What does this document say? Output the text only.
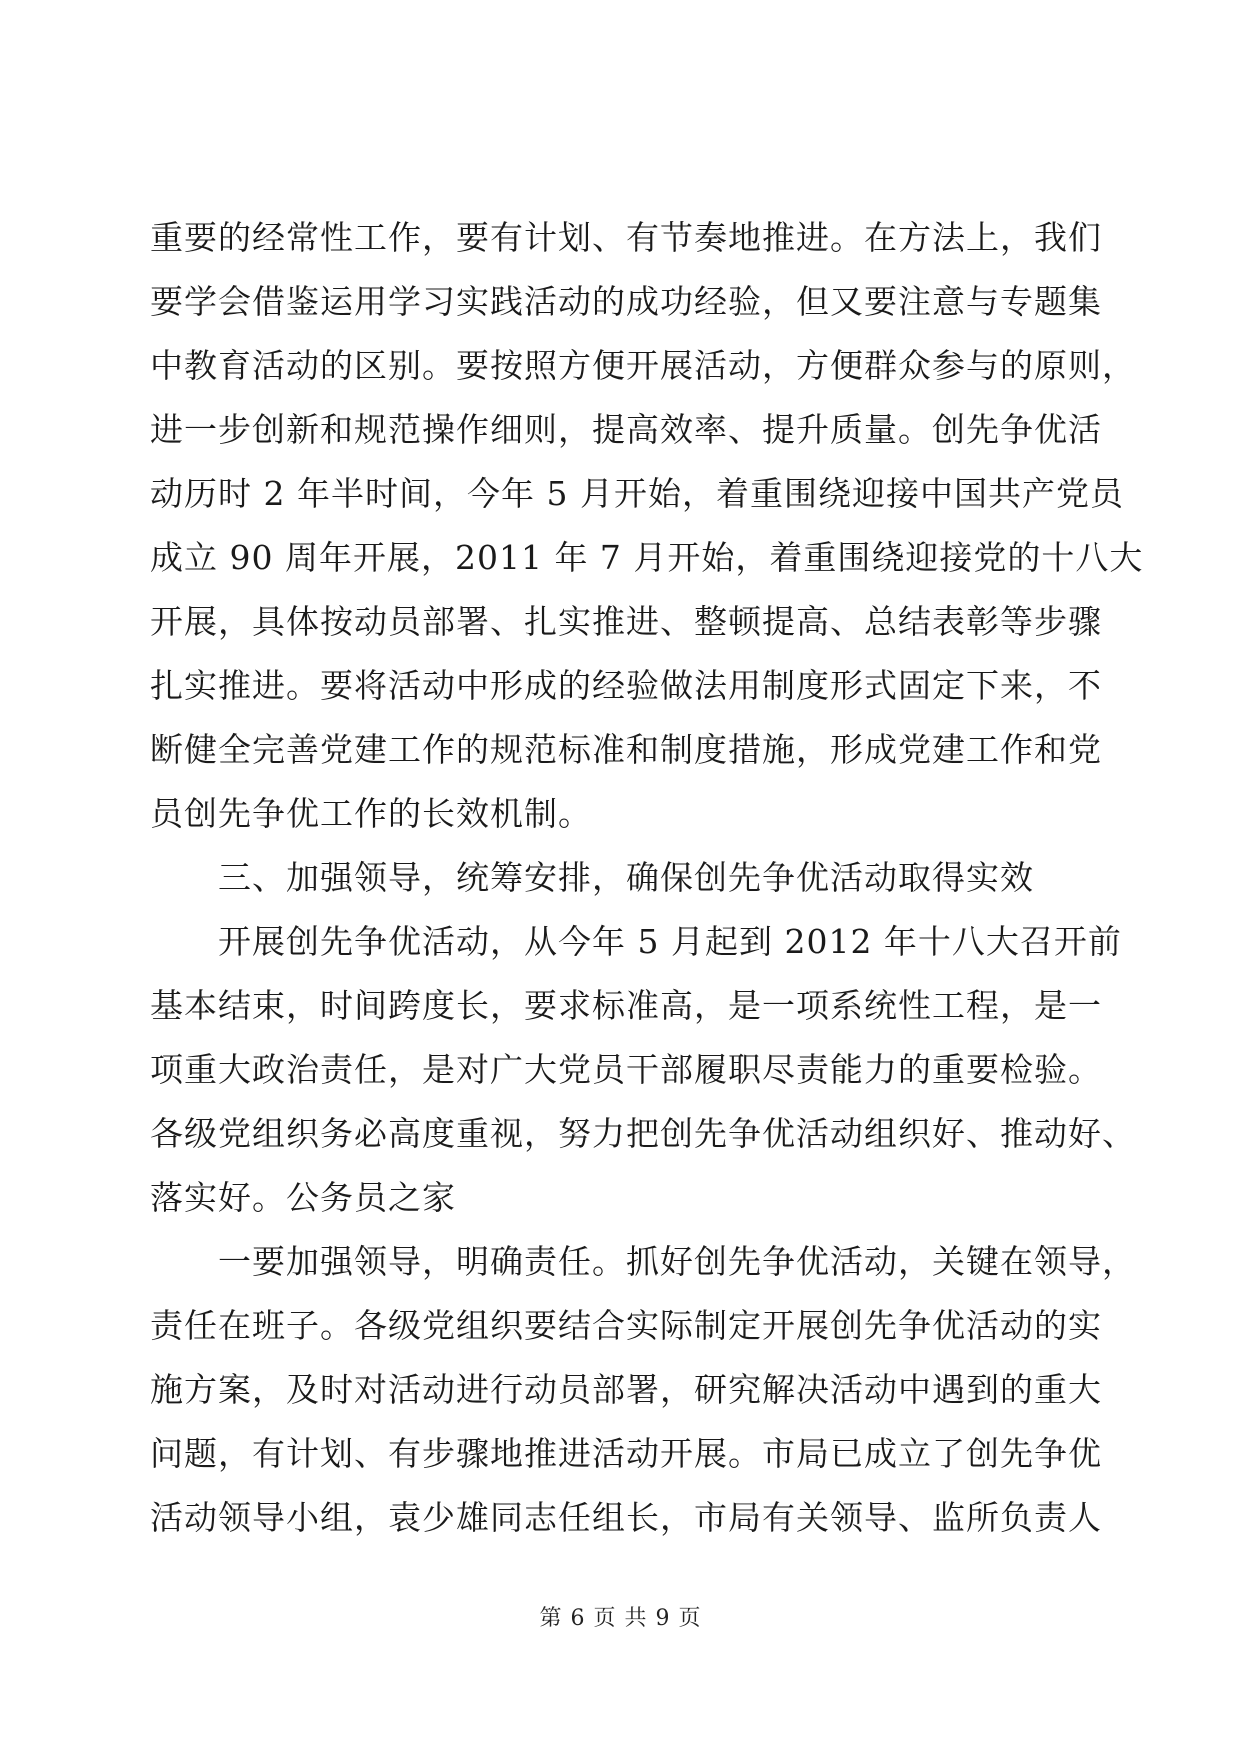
重要的经常性工作，要有计划、有节奏地推进。在方法上，我们
要学会借鉴运用学习实践活动的成功经验，但又要注意与专题集
中教育活动的区别。要按照方便开展活动，方便群众参与的原则，
进一步创新和规范操作细则，提高效率、提升质量。创先争优活
动历时 2 年半时间，今年 5 月开始，着重围绕迎接中国共产党员
成立 90 周年开展，2011 年 7 月开始，着重围绕迎接党的十八大
开展，具体按动员部署、扎实推进、整顿提高、总结表彰等步骤
扎实推进。要将活动中形成的经验做法用制度形式固定下来，不
断健全完善党建工作的规范标准和制度措施，形成党建工作和党
员创先争优工作的长效机制。
三、加强领导，统筹安排，确保创先争优活动取得实效
开展创先争优活动，从今年 5 月起到 2012 年十八大召开前
基本结束，时间跨度长，要求标准高，是一项系统性工程，是一
项重大政治责任，是对广大党员干部履职尽责能力的重要检验。
各级党组织务必高度重视，努力把创先争优活动组织好、推动好、
落实好。公务员之家
一要加强领导，明确责任。抓好创先争优活动，关键在领导，
责任在班子。各级党组织要结合实际制定开展创先争优活动的实
施方案，及时对活动进行动员部署，研究解决活动中遇到的重大
问题，有计划、有步骤地推进活动开展。市局已成立了创先争优
活动领导小组，袁少雄同志任组长，市局有关领导、监所负责人
第 6 页 共 9 页
